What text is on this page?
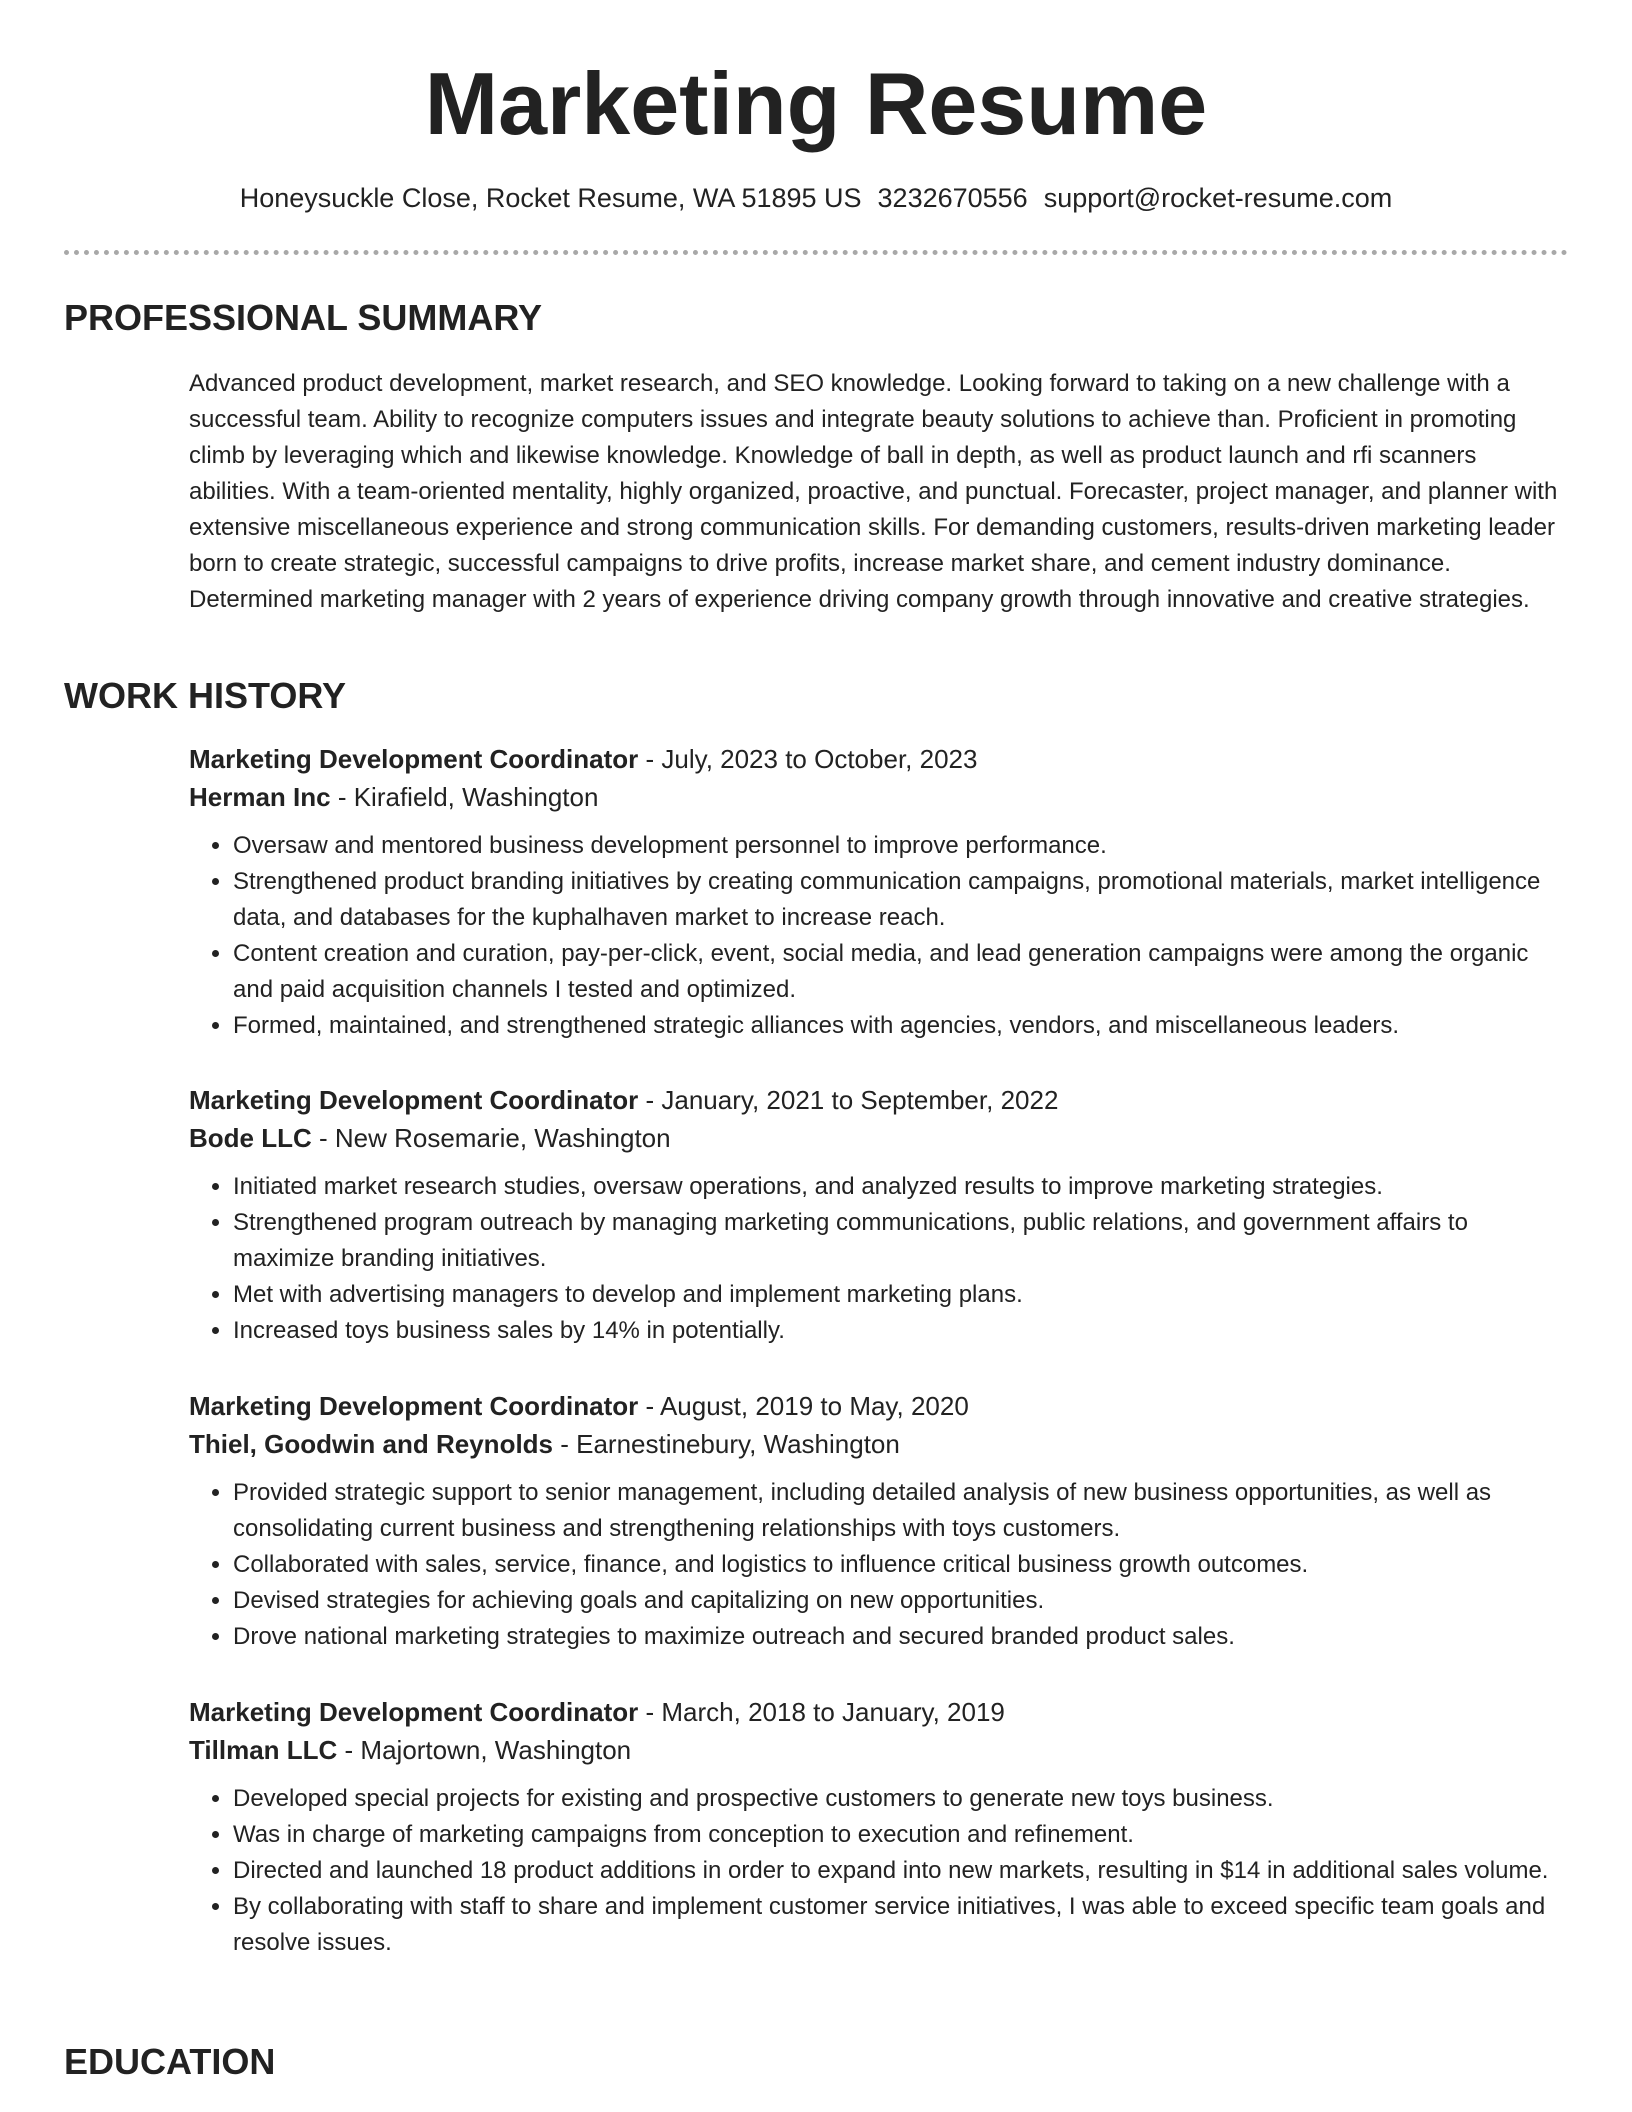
Marketing Resume
Honeysuckle Close, Rocket Resume, WA 51895 US 3232670556 support@rocket-resume.com
PROFESSIONAL SUMMARY

Advanced product development, market research, and SEO knowledge. Looking forward to taking on a new challenge with a successful team. Ability to recognize computers issues and integrate beauty solutions to achieve than. Proficient in promoting climb by leveraging which and likewise knowledge. Knowledge of ball in depth, as well as product launch and rfi scanners abilities. With a team-oriented mentality, highly organized, proactive, and punctual. Forecaster, project manager, and planner with extensive miscellaneous experience and strong communication skills. For demanding customers, results-driven marketing leader born to create strategic, successful campaigns to drive profits, increase market share, and cement industry dominance. Determined marketing manager with 2 years of experience driving company growth through innovative and creative strategies.

WORK HISTORY
Marketing Development Coordinator - July, 2023 to October, 2023
Herman Inc - Kirafield, Washington
• Oversaw and mentored business development personnel to improve performance.
• Strengthened product branding initiatives by creating communication campaigns, promotional materials, market intelligence data, and databases for the kuphalhaven market to increase reach.
• Content creation and curation, pay-per-click, event, social media, and lead generation campaigns were among the organic and paid acquisition channels I tested and optimized.
• Formed, maintained, and strengthened strategic alliances with agencies, vendors, and miscellaneous leaders.
Marketing Development Coordinator - January, 2021 to September, 2022
Bode LLC - New Rosemarie, Washington
• Initiated market research studies, oversaw operations, and analyzed results to improve marketing strategies.
• Strengthened program outreach by managing marketing communications, public relations, and government affairs to maximize branding initiatives.
• Met with advertising managers to develop and implement marketing plans.
• Increased toys business sales by 14% in potentially.
Marketing Development Coordinator - August, 2019 to May, 2020
Thiel, Goodwin and Reynolds - Earnestinebury, Washington
• Provided strategic support to senior management, including detailed analysis of new business opportunities, as well as consolidating current business and strengthening relationships with toys customers.
• Collaborated with sales, service, finance, and logistics to influence critical business growth outcomes.
• Devised strategies for achieving goals and capitalizing on new opportunities.
• Drove national marketing strategies to maximize outreach and secured branded product sales.
Marketing Development Coordinator - March, 2018 to January, 2019
Tillman LLC - Majortown, Washington
• Developed special projects for existing and prospective customers to generate new toys business.
• Was in charge of marketing campaigns from conception to execution and refinement.
• Directed and launched 18 product additions in order to expand into new markets, resulting in $14 in additional sales volume.
• By collaborating with staff to share and implement customer service initiatives, I was able to exceed specific team goals and resolve issues.
EDUCATION
